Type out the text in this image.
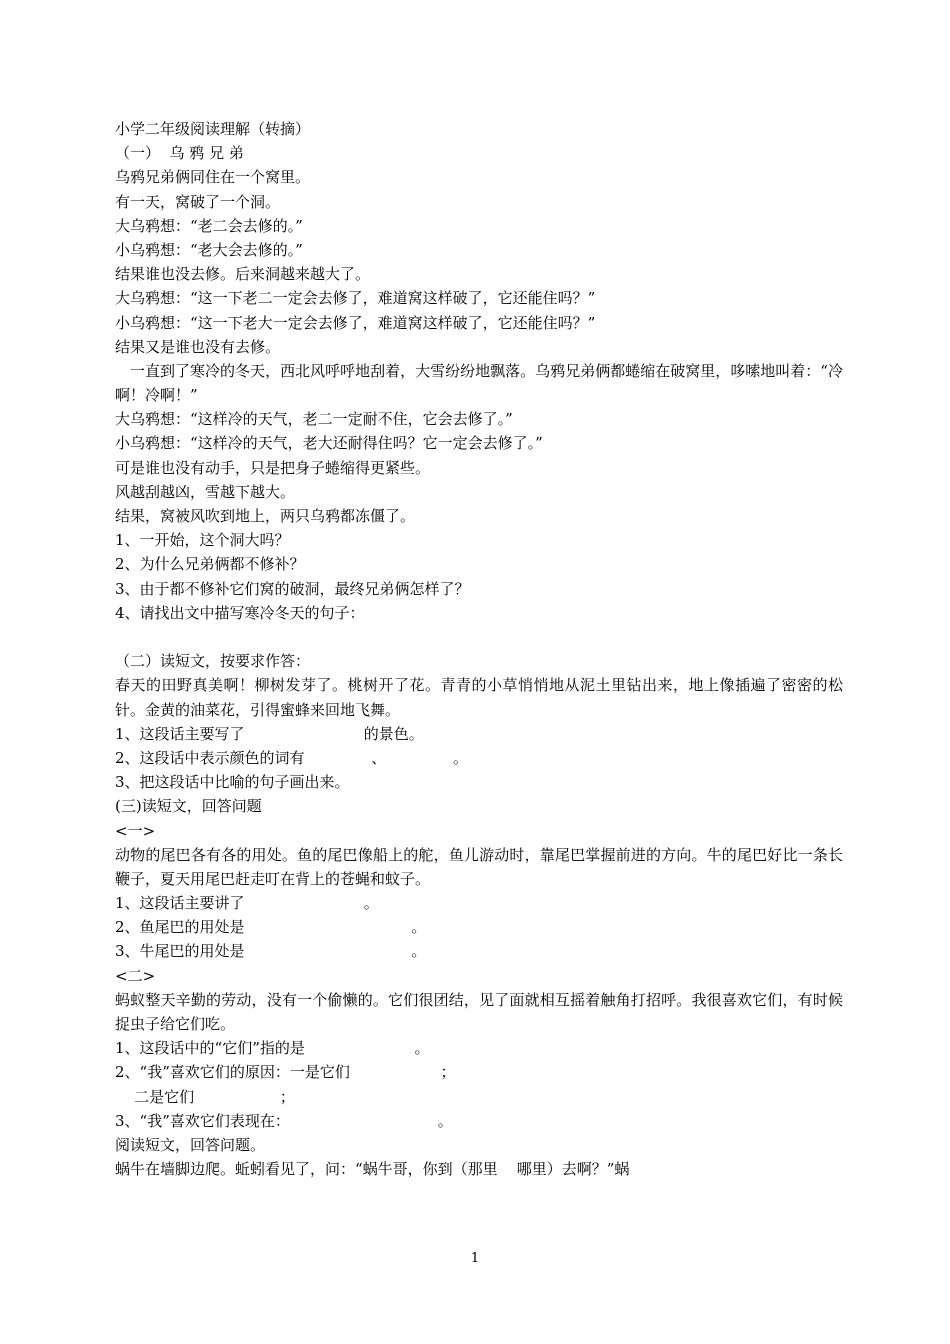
小学二年级阅读理解（转摘）
（一）  乌 鸦 兄 弟
乌鸦兄弟俩同住在一个窝里。
有一天，窝破了一个洞。
大乌鸦想：“老二会去修的。”
小乌鸦想：“老大会去修的。”
结果谁也没去修。后来洞越来越大了。
大乌鸦想：“这一下老二一定会去修了，难道窝这样破了，它还能住吗？”
小乌鸦想：“这一下老大一定会去修了，难道窝这样破了，它还能住吗？”
结果又是谁也没有去修。
　一直到了寒冷的冬天，西北风呼呼地刮着，大雪纷纷地飘落。乌鸦兄弟俩都蜷缩在破窝里，哆嗦地叫着：“冷啊！冷啊！”
大乌鸦想：“这样冷的天气，老二一定耐不住，它会去修了。”
小乌鸦想：“这样冷的天气，老大还耐得住吗？它一定会去修了。”
可是谁也没有动手，只是把身子蜷缩得更紧些。
风越刮越凶，雪越下越大。
结果，窝被风吹到地上，两只乌鸦都冻僵了。
1、一开始，这个洞大吗？
2、为什么兄弟俩都不修补？
3、由于都不修补它们窝的破洞，最终兄弟俩怎样了？
4、请找出文中描写寒冷冬天的句子：
（二）读短文，按要求作答：
春天的田野真美啊！柳树发芽了。桃树开了花。青青的小草悄悄地从泥土里钻出来，地上像插遍了密密的松针。金黄的油菜花，引得蜜蜂来回地飞舞。
1、这段话主要写了                         的景色。
2、这段话中表示颜色的词有              、              。
3、把这段话中比喻的句子画出来。
(三)读短文，回答问题
<一>
动物的尾巴各有各的用处。鱼的尾巴像船上的舵，鱼儿游动时，靠尾巴掌握前进的方向。牛的尾巴好比一条长鞭子，夏天用尾巴赶走叮在背上的苍蝇和蚊子。
1、这段话主要讲了                         。
2、鱼尾巴的用处是                                   。
3、牛尾巴的用处是                                   。
<二>
蚂蚁整天辛勤的劳动，没有一个偷懒的。它们很团结，见了面就相互摇着触角打招呼。我很喜欢它们，有时候捉虫子给它们吃。
1、这段话中的“它们”指的是                       。
2、“我”喜欢它们的原因：一是它们                   ；
二是它们                  ；
3、“我”喜欢它们表现在：                               。
阅读短文，回答问题。
蜗牛在墙脚边爬。蚯蚓看见了，问：“蜗牛哥，你到（那里    哪里）去啊？”蜗
1
